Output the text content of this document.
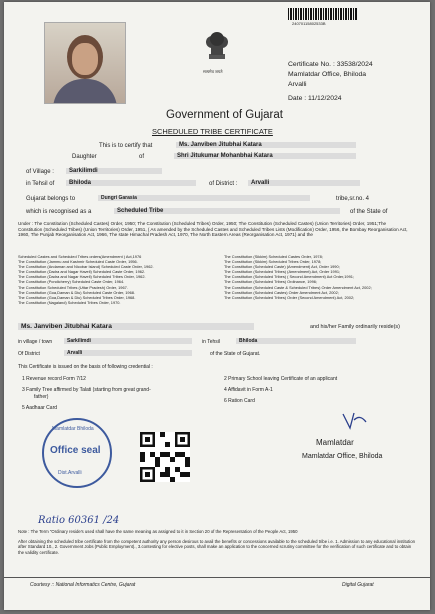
24070115802533B
सत्यमेव जयते
Certificate No. : 33538/2024
Mamlatdar Office, Bhiloda
Arvalli
Date : 11/12/2024
Government of Gujarat
SCHEDULED TRIBE CERTIFICATE
This is to certify that	Ms. Janviben Jitubhai Katara
Daughter	of	Shri Jitukumar Mohanbhai Katara
of Village :	Sarkilimdi
in Tehsil of	Bhiloda	of District :	Arvalli
Gujarat belongs to	Dungri Garasia	tribe,sr.no. 4
which is recognised as a	Scheduled Tribe	of the State of
Under : The Constitution (Scheduled Castes) Order, 1950; The Constitution (Scheduled Tribes) Order, 1950; The Constitution (Scheduled Castes) (Union Territories) Order, 1951;The Constitution (Scheduled Tribes) (Union Territories) Order, 1951, ( As amended by the Scheduled Castes and Scheduled Tribes Lists (Modification) Order, 1956, the Bombay Reorganisation Act, 1960, The Punjab Reorganisation Act, 1966, The state Himachal Pradesh Act, 1970, The North Eastern Areas (Reorganisation Act, 1971) and the
Scheduled Castes and Scheduled Tribes orders(Amendment ) Act,1976
The Constitution (Jammu and Kashmir Scheduled Caste Order, 1956.
The Constitution (Andaman and Nicobar Island) Scheduled Caste Order, 1962.
The Constitution (Dadra and Nagar Haveli) Scheduled Caste Order, 1962.
The Constitution (Dadra and Nagar Haveli) Scheduled Tribes Order, 1962.
The Constitution (Pondicherry) Scheduled Caste Order, 1964.
The Constitution Scheduled Tribes (Uttar Pradesh) Order, 1967.
The Constitution (Goa,Daman & Diu) Scheduled Caste Order, 1968.
The Constitution (Goa,Daman & Diu) Scheduled Tribes Order, 1968.
The Constitution (Nagaland) Scheduled Tribes Order, 1970.
The Constitution (Sikkim) Scheduled Castes Order, 1978;
The Constitution (Sikkim) Scheduled Tribes Order, 1978;
The Constitution (Scheduled Caste) (Amendment) Act, Order 1990;
The Constitution (Scheduled Tribes) (Amendment) Act, Order 1991;
The Constitution (Scheduled Tribes) ( Second Amendment) Act Order,1991;
The Constitution (Scheduled Tribes) Ordinance, 1996;
The Constitution (Scheduled Caste & Scheduled Tribes) Order Amendment Act, 2002;
The Constitution (Scheduled Castes) Order Amendment Act, 2002;
The Constitution (Scheduled Tribes) Order (Second Amendment) Act, 2002;
Ms. Janviben Jitubhai Katara	and his/her Family ordinarily reside(s)
in village / town	Sarkilimdi	in Tehsil	Bhiloda
Of District	Arvalli	of the State of Gujarat.
This Certificate is issued on the basis of following credential :
1 Revenue record Form 7/12	2 Primary School leaving Certificate of an applicant
3 Family Tree affirmed by Talati (starting from great grand-
father)
4 Affidavit in Form A-1
5 Aadhaar Card
6 Ration Card
Mamlatdar Bhiloda
Office seal
Dist.Arvalli
Mamlatdar
Mamlatdar Office, Bhiloda
Ratio 60361 /24
Note : The Term "Ordinary reside's used shall have the same meaning as assigned to it in Section 20 of the Representation of the People Act, 1950
After obtaining the scheduled tribe certificate from the competent authority any person desirous to avail the benefits or concessions available to the scheduled tribe i.e. 1. Admission to any educational institution after Standard 10., 2. Government Jobs (Public Employment)., 3.contesting for elective posts, shall make an application to the concerned scrutiny committee for the verification of such certificate and to obtain the validity certificate.
Courtesy :: National Informatics Centre, Gujarat	Digital Gujarat
